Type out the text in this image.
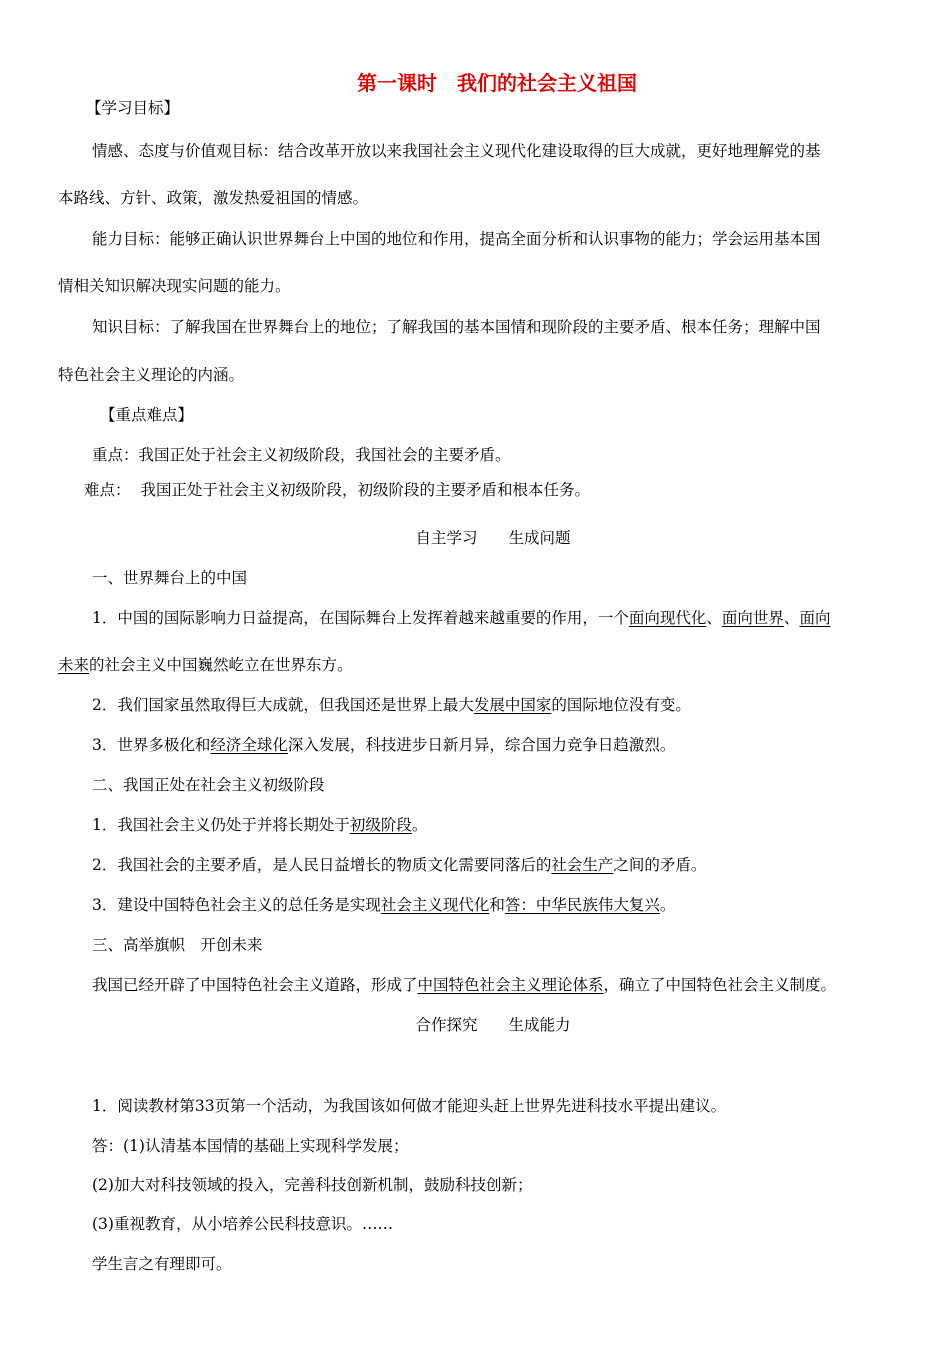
第一课时　我们的社会主义祖国
【学习目标】
情感、态度与价值观目标：结合改革开放以来我国社会主义现代化建设取得的巨大成就，更好地理解党的基
本路线、方针、政策，激发热爱祖国的情感。
能力目标：能够正确认识世界舞台上中国的地位和作用，提高全面分析和认识事物的能力；学会运用基本国
情相关知识解决现实问题的能力。
知识目标：了解我国在世界舞台上的地位；了解我国的基本国情和现阶段的主要矛盾、根本任务；理解中国
特色社会主义理论的内涵。
【重点难点】
重点：我国正处于社会主义初级阶段，我国社会的主要矛盾。
难点： 我国正处于社会主义初级阶段，初级阶段的主要矛盾和根本任务。
自主学习 生成问题
一、世界舞台上的中国
1．中国的国际影响力日益提高，在国际舞台上发挥着越来越重要的作用，一个面向现代化、面向世界、面向
未来的社会主义中国巍然屹立在世界东方。
2．我们国家虽然取得巨大成就，但我国还是世界上最大发展中国家的国际地位没有变。
3．世界多极化和经济全球化深入发展，科技进步日新月异，综合国力竞争日趋激烈。
二、我国正处在社会主义初级阶段
1．我国社会主义仍处于并将长期处于初级阶段。
2．我国社会的主要矛盾，是人民日益增长的物质文化需要同落后的社会生产之间的矛盾。
3．建设中国特色社会主义的总任务是实现社会主义现代化和答：中华民族伟大复兴。
三、高举旗帜　开创未来
我国已经开辟了中国特色社会主义道路，形成了中国特色社会主义理论体系，确立了中国特色社会主义制度。
合作探究 生成能力
1．阅读教材第33页第一个活动，为我国该如何做才能迎头赶上世界先进科技水平提出建议。
答：(1)认清基本国情的基础上实现科学发展；
(2)加大对科技领域的投入，完善科技创新机制，鼓励科技创新；
(3)重视教育，从小培养公民科技意识。……
学生言之有理即可。
